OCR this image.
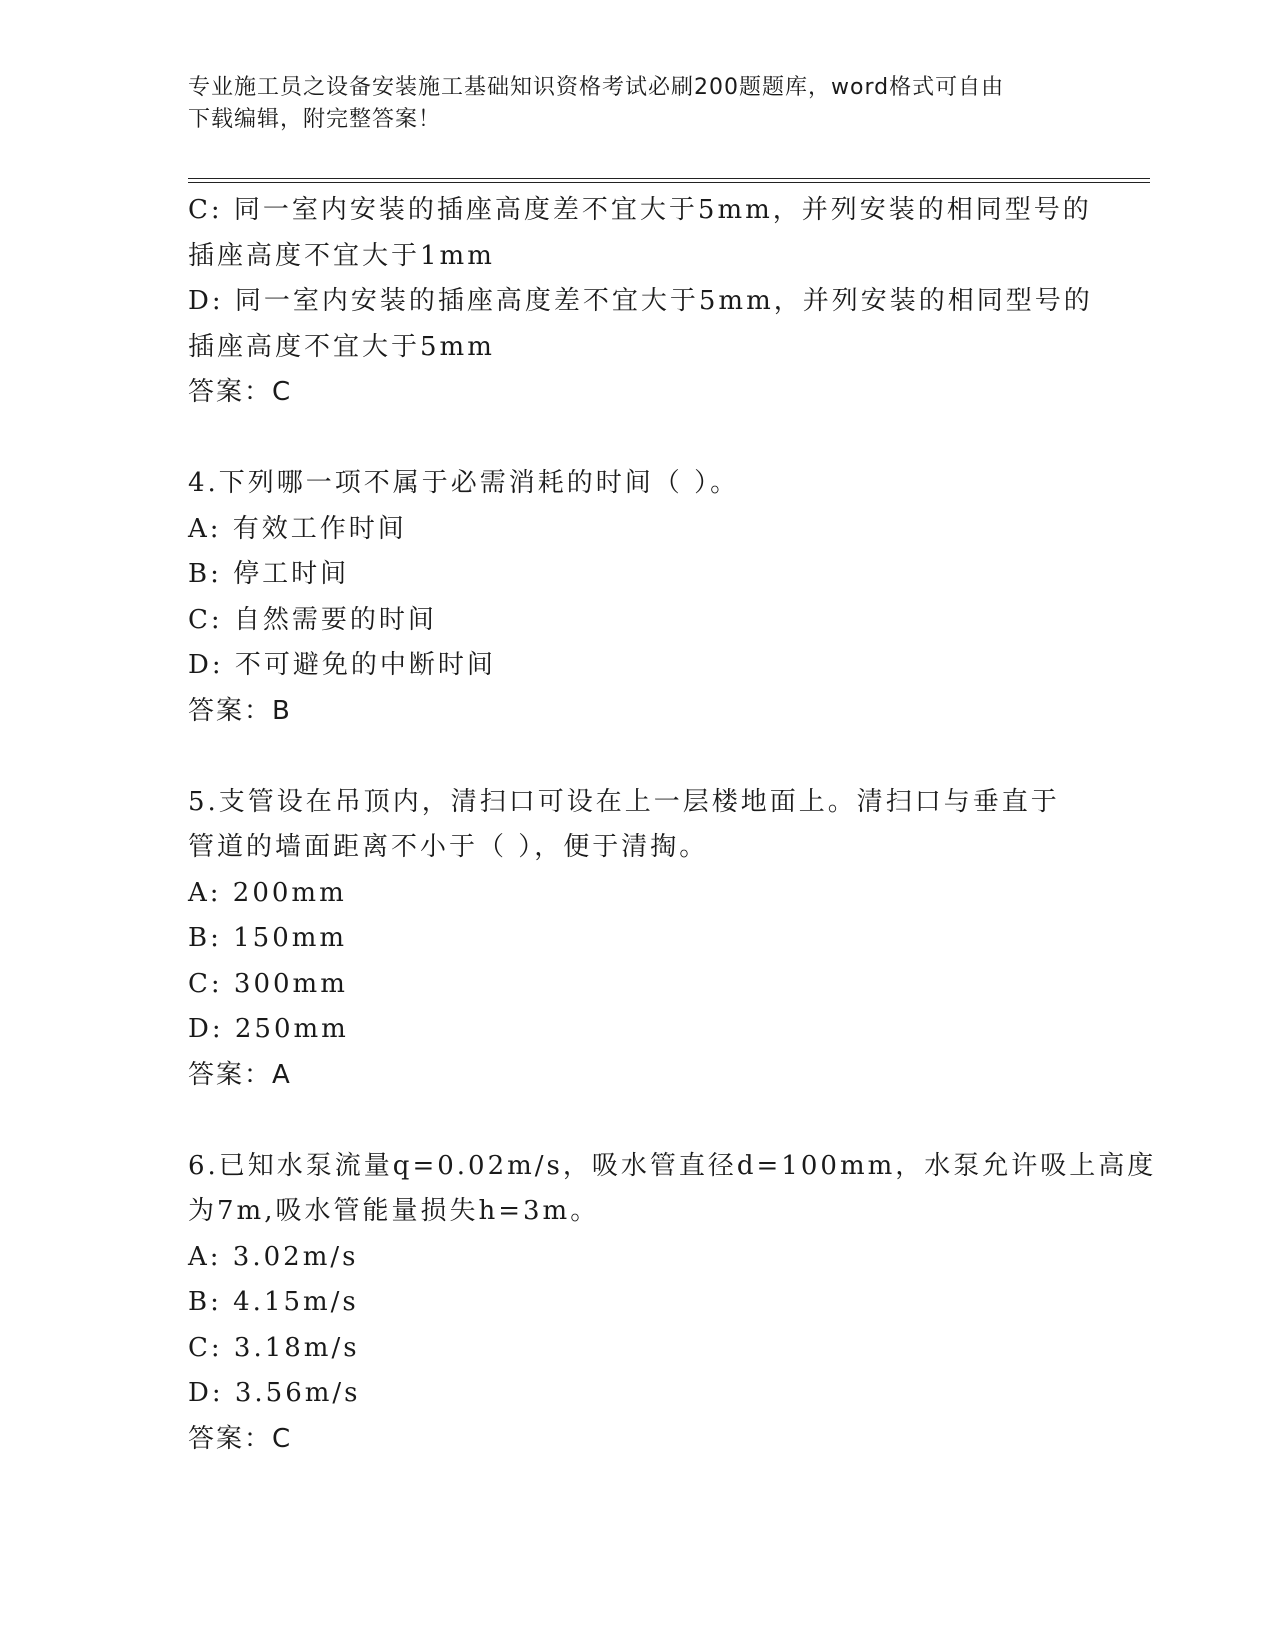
专业施工员之设备安装施工基础知识资格考试必刷200题题库，word格式可自由
下载编辑，附完整答案！
C: 同一室内安装的插座高度差不宜大于5mm，并列安装的相同型号的
插座高度不宜大于1mm
D: 同一室内安装的插座高度差不宜大于5mm，并列安装的相同型号的
插座高度不宜大于5mm
答案：C
4.下列哪一项不属于必需消耗的时间（ ）。
A: 有效工作时间
B: 停工时间
C: 自然需要的时间
D: 不可避免的中断时间
答案：B
5.支管设在吊顶内，清扫口可设在上一层楼地面上。清扫口与垂直于
管道的墙面距离不小于（ ），便于清掏。
A: 200mm
B: 150mm
C: 300mm
D: 250mm
答案：A
6.已知水泵流量q=0.02m/s，吸水管直径d=100mm，水泵允许吸上高度
为7m,吸水管能量损失h=3m。
A: 3.02m/s
B: 4.15m/s
C: 3.18m/s
D: 3.56m/s
答案：C
